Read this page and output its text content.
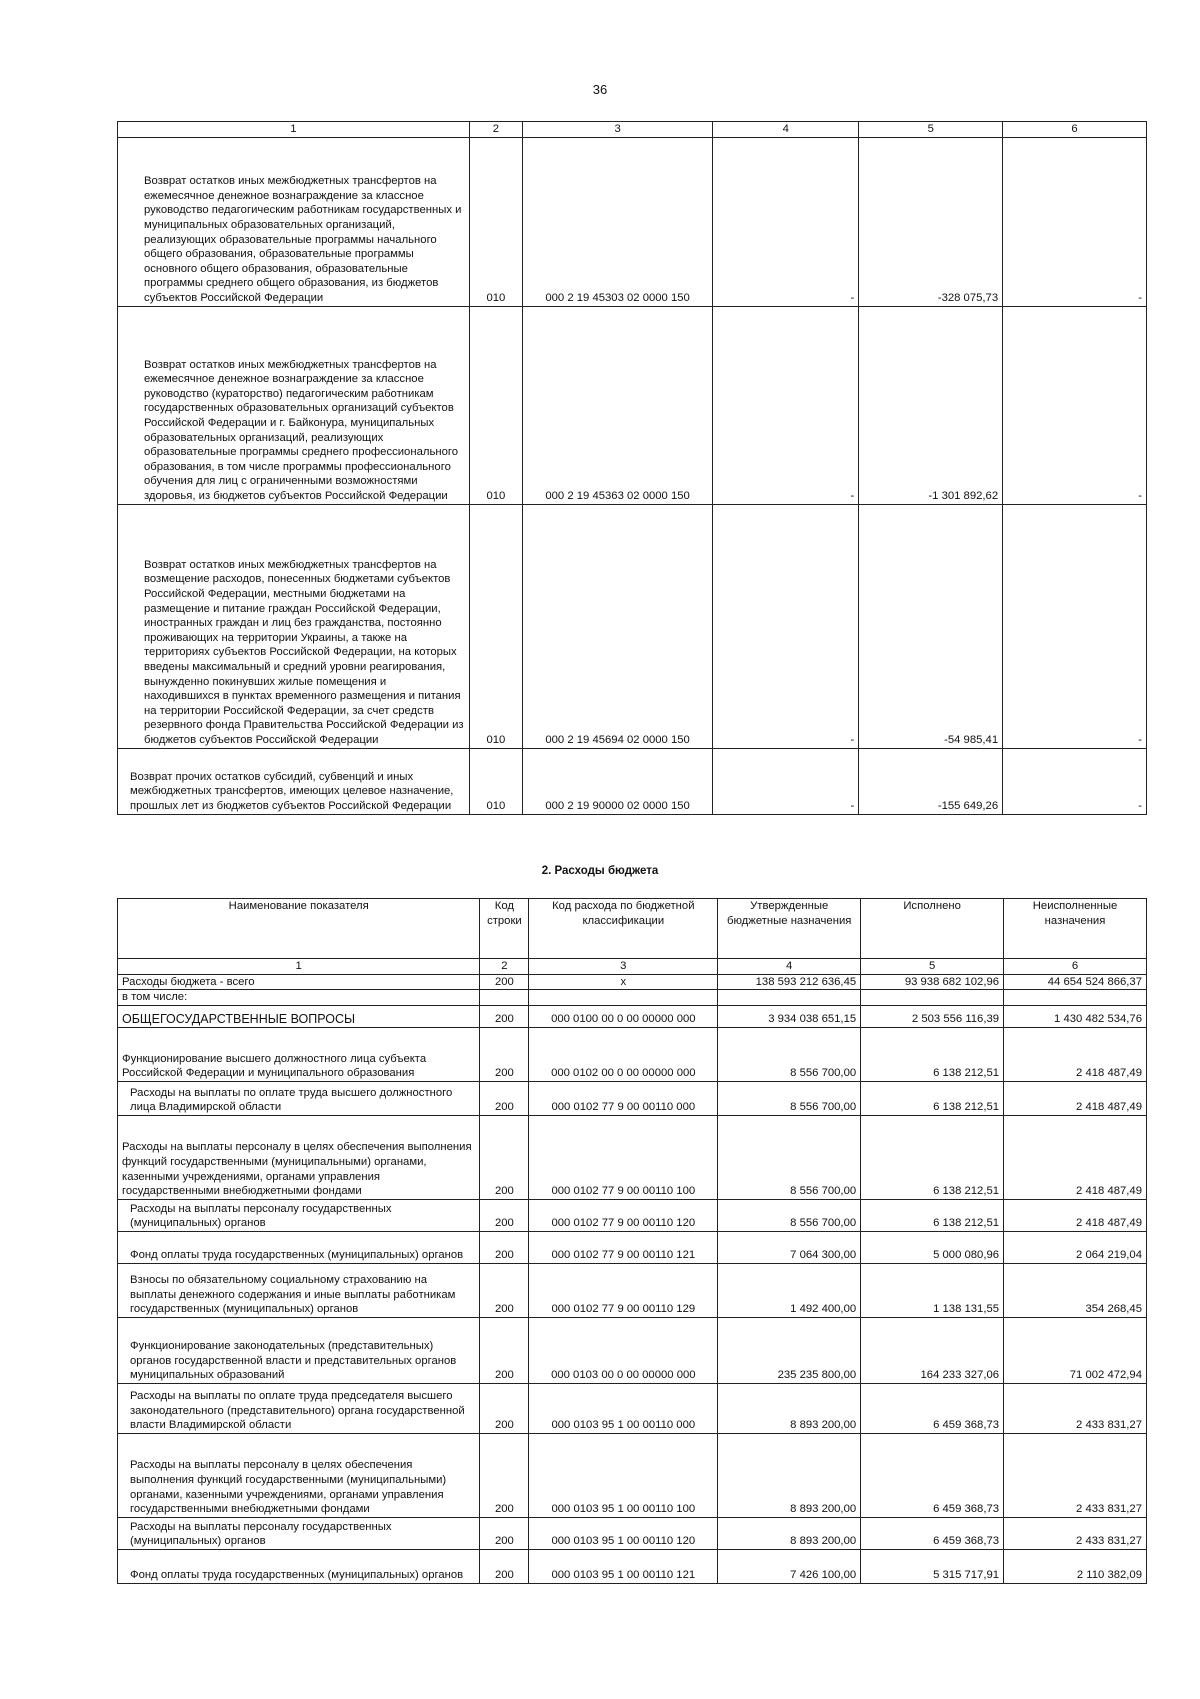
36
1	2	3	4	5	6
Возврат остатков иных межбюджетных трансфертов на ежемесячное денежное вознаграждение за классное руководство педагогическим работникам государственных и муниципальных образовательных организаций, реализующих образовательные программы начального общего образования, образовательные программы основного общего образования, образовательные программы среднего общего образования, из бюджетов субъектов Российской Федерации	010	000 2 19 45303 02 0000 150	-	-328 075,73	-
Возврат остатков иных межбюджетных трансфертов на ежемесячное денежное вознаграждение за классное руководство (кураторство) педагогическим работникам государственных образовательных организаций субъектов Российской Федерации и г. Байконура, муниципальных образовательных организаций, реализующих образовательные программы среднего профессионального образования, в том числе программы профессионального обучения для лиц с ограниченными возможностями здоровья, из бюджетов субъектов Российской Федерации	010	000 2 19 45363 02 0000 150	-	-1 301 892,62	-
Возврат остатков иных межбюджетных трансфертов на возмещение расходов, понесенных бюджетами субъектов Российской Федерации, местными бюджетами на размещение и питание граждан Российской Федерации, иностранных граждан и лиц без гражданства, постоянно проживающих на территории Украины, а также на территориях субъектов Российской Федерации, на которых введены максимальный и средний уровни реагирования, вынужденно покинувших жилые помещения и находившихся в пунктах временного размещения и питания на территории Российской Федерации, за счет средств резервного фонда Правительства Российской Федерации из бюджетов субъектов Российской Федерации	010	000 2 19 45694 02 0000 150	-	-54 985,41	-
Возврат прочих остатков субсидий, субвенций и иных межбюджетных трансфертов, имеющих целевое назначение, прошлых лет из бюджетов субъектов Российской Федерации	010	000 2 19 90000 02 0000 150	-	-155 649,26	-
2. Расходы бюджета
Наименование показателя	Код строки	Код расхода по бюджетной классификации	Утвержденные бюджетные назначения	Исполнено	Неисполненные назначения
1	2	3	4	5	6
Расходы бюджета - всего	200	x	138 593 212 636,45	93 938 682 102,96	44 654 524 866,37
в том числе:					
ОБЩЕГОСУДАРСТВЕННЫЕ ВОПРОСЫ	200	000 0100 00 0 00 00000 000	3 934 038 651,15	2 503 556 116,39	1 430 482 534,76
Функционирование высшего должностного лица субъекта Российской Федерации и муниципального образования	200	000 0102 00 0 00 00000 000	8 556 700,00	6 138 212,51	2 418 487,49
Расходы на выплаты по оплате труда высшего должностного лица Владимирской области	200	000 0102 77 9 00 00110 000	8 556 700,00	6 138 212,51	2 418 487,49
Расходы на выплаты персоналу в целях обеспечения выполнения функций государственными (муниципальными) органами, казенными учреждениями, органами управления государственными внебюджетными фондами	200	000 0102 77 9 00 00110 100	8 556 700,00	6 138 212,51	2 418 487,49
Расходы на выплаты персоналу государственных (муниципальных) органов	200	000 0102 77 9 00 00110 120	8 556 700,00	6 138 212,51	2 418 487,49
Фонд оплаты труда государственных (муниципальных) органов	200	000 0102 77 9 00 00110 121	7 064 300,00	5 000 080,96	2 064 219,04
Взносы по обязательному социальному страхованию на выплаты денежного содержания и иные выплаты работникам государственных (муниципальных) органов	200	000 0102 77 9 00 00110 129	1 492 400,00	1 138 131,55	354 268,45
Функционирование законодательных (представительных) органов государственной власти и представительных органов муниципальных образований	200	000 0103 00 0 00 00000 000	235 235 800,00	164 233 327,06	71 002 472,94
Расходы на выплаты по оплате труда председателя высшего законодательного (представительного) органа государственной власти Владимирской области	200	000 0103 95 1 00 00110 000	8 893 200,00	6 459 368,73	2 433 831,27
Расходы на выплаты персоналу в целях обеспечения выполнения функций государственными (муниципальными) органами, казенными учреждениями, органами управления государственными внебюджетными фондами	200	000 0103 95 1 00 00110 100	8 893 200,00	6 459 368,73	2 433 831,27
Расходы на выплаты персоналу государственных (муниципальных) органов	200	000 0103 95 1 00 00110 120	8 893 200,00	6 459 368,73	2 433 831,27
Фонд оплаты труда государственных (муниципальных) органов	200	000 0103 95 1 00 00110 121	7 426 100,00	5 315 717,91	2 110 382,09
